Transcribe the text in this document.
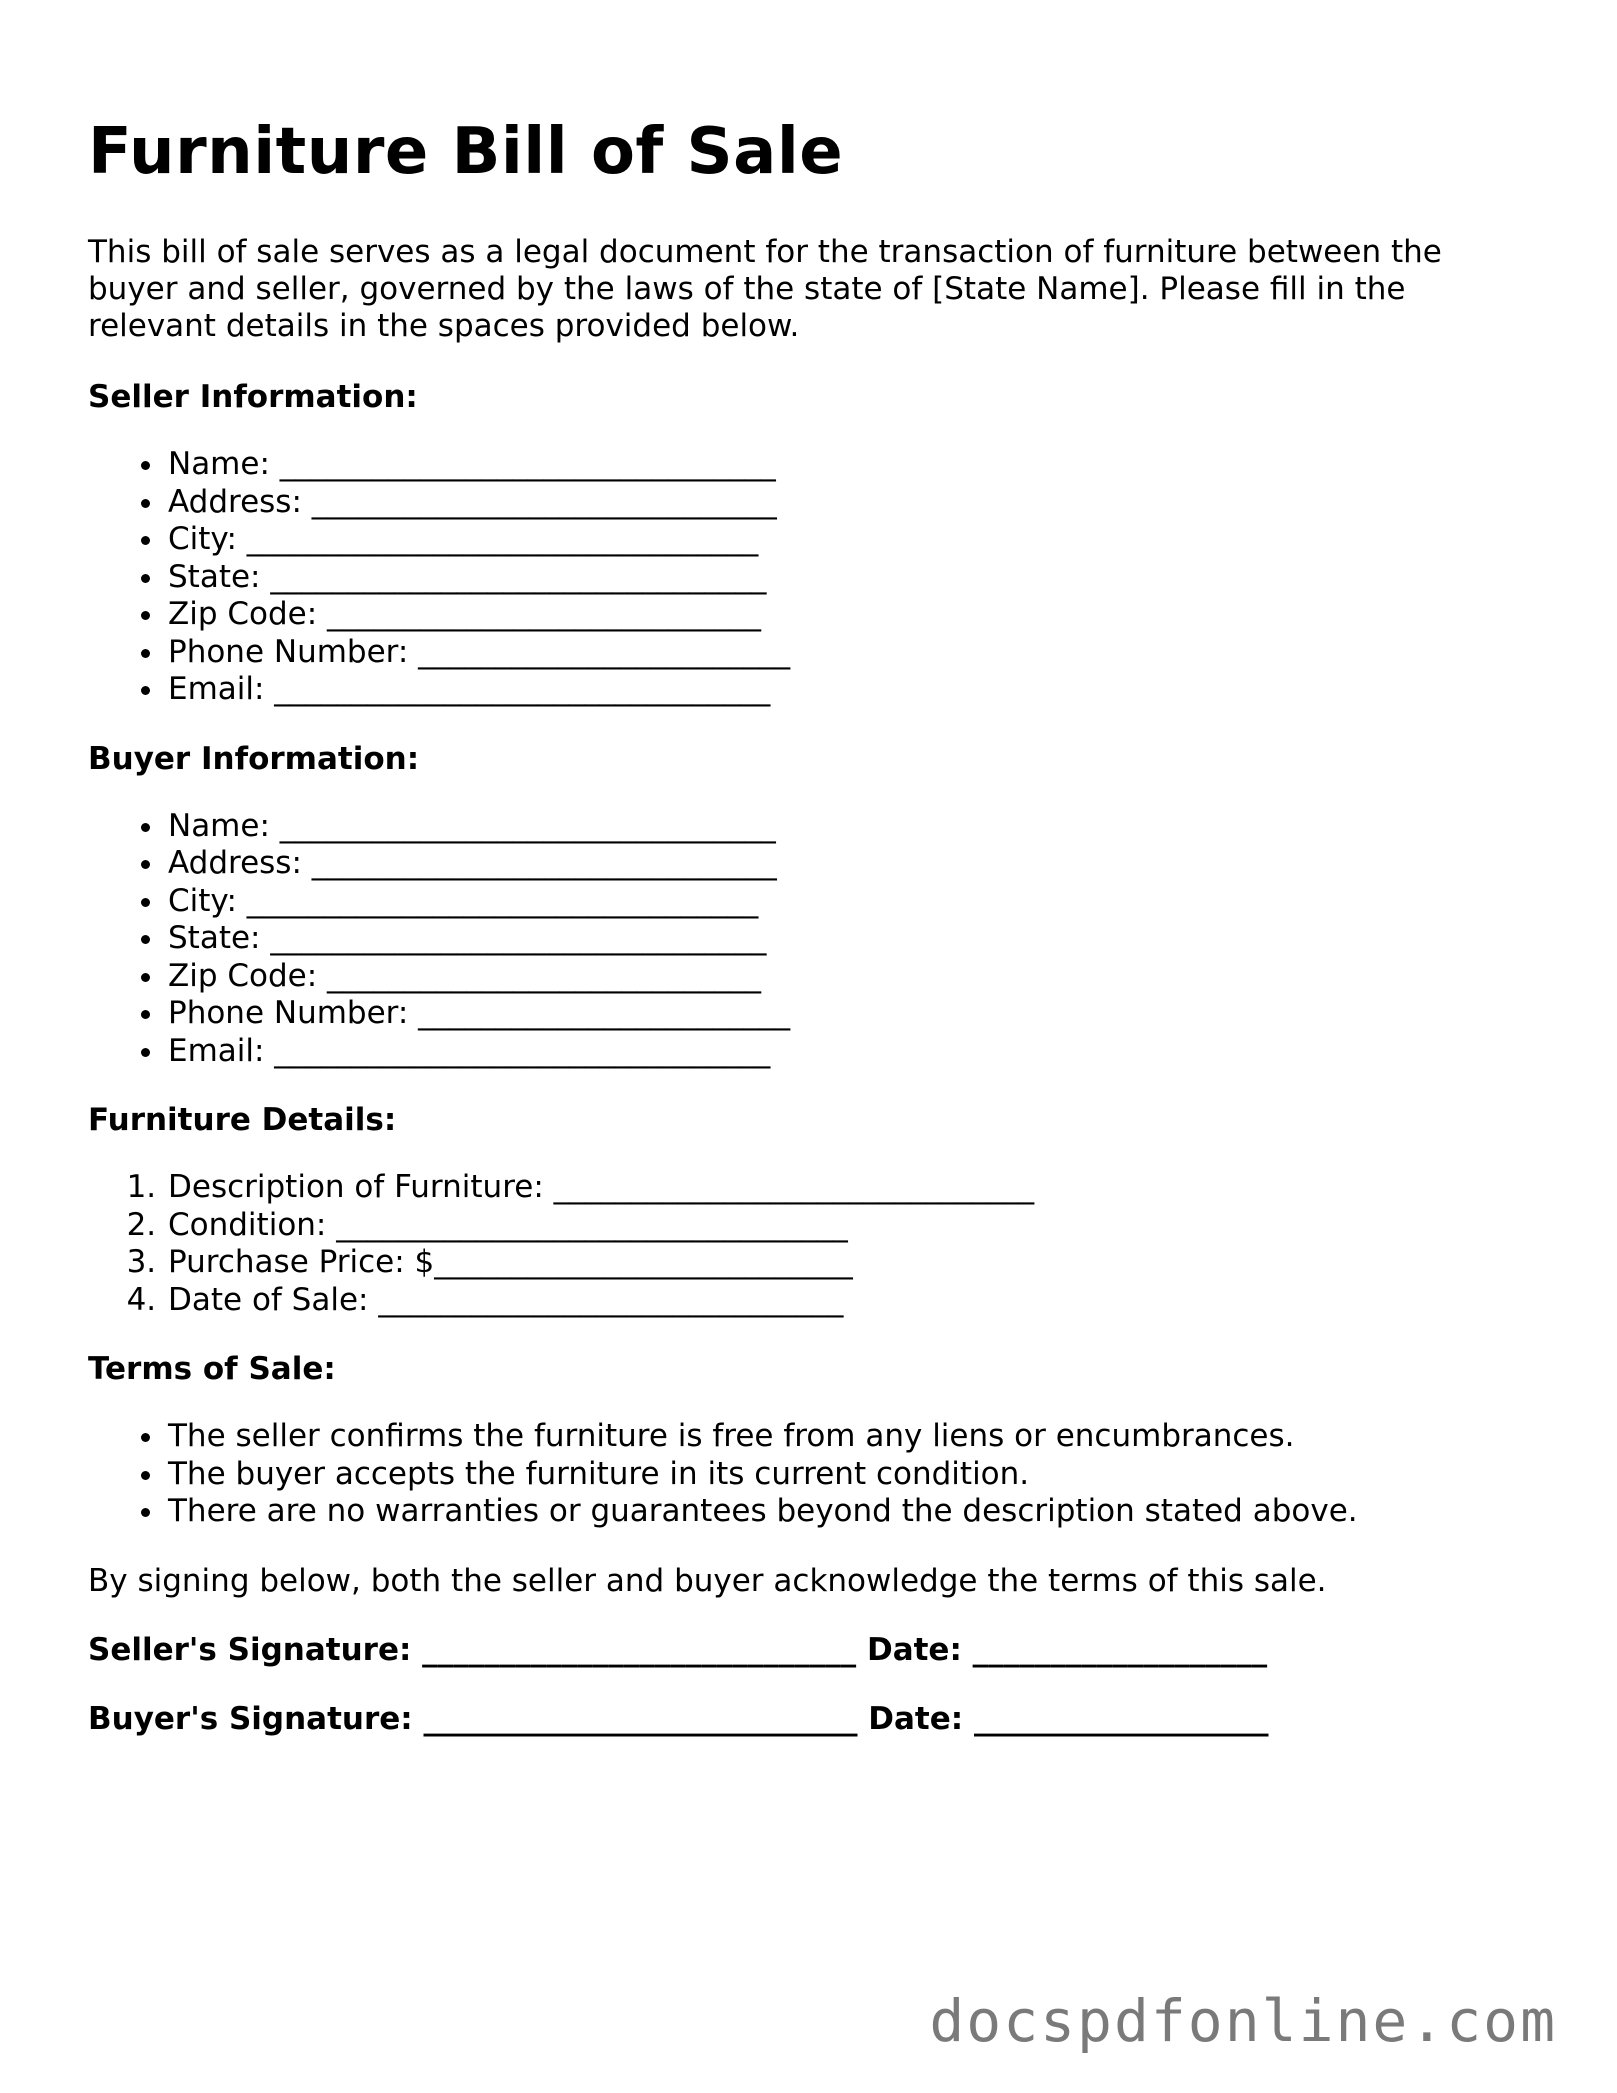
Furniture Bill of Sale

This bill of sale serves as a legal document for the transaction of furniture between the buyer and seller, governed by the laws of the state of [State Name]. Please fill in the relevant details in the spaces provided below.

Seller Information:
• Name: ________________________________
• Address: ______________________________
• City: _________________________________
• State: ________________________________
• Zip Code: ____________________________
• Phone Number: ________________________
• Email: ________________________________
Buyer Information:
• Name: ________________________________
• Address: ______________________________
• City: _________________________________
• State: ________________________________
• Zip Code: ____________________________
• Phone Number: ________________________
• Email: ________________________________
Furniture Details:
1. Description of Furniture: _______________________________
2. Condition: _________________________________
3. Purchase Price: $___________________________
4. Date of Sale: ______________________________
Terms of Sale:
• The seller confirms the furniture is free from any liens or encumbrances.
• The buyer accepts the furniture in its current condition.
• There are no warranties or guarantees beyond the description stated above.

By signing below, both the seller and buyer acknowledge the terms of this sale.

Seller's Signature: ____________________________ Date: ___________________
Buyer's Signature: ____________________________ Date: ___________________
docspdfonline.com
